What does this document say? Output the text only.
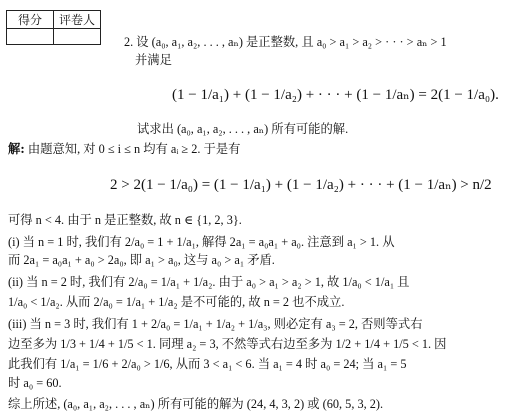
得分	评卷人

2. 设 (a₀, a₁, a₂, . . . , aₙ) 是正整数, 且 a₀ > a₁ > a₂ > · · · > aₙ > 1
并满足
(1 − 1/a₁) + (1 − 1/a₂) + · · · + (1 − 1/aₙ) = 2(1 − 1/a₀).
试求出 (a₀, a₁, a₂, . . . , aₙ) 所有可能的解.
解: 由题意知, 对 0 ≤ i ≤ n 均有 aᵢ ≥ 2. 于是有
2 > 2(1 − 1/a₀) = (1 − 1/a₁) + (1 − 1/a₂) + · · · + (1 − 1/aₙ) > n/2
可得 n < 4. 由于 n 是正整数, 故 n ∈ {1, 2, 3}.
(i) 当 n = 1 时, 我们有 2/a₀ = 1 + 1/a₁, 解得 2a₁ = a₀a₁ + a₀. 注意到 a₁ > 1. 从
而 2a₁ = a₀a₁ + a₀ > 2a₀, 即 a₁ > a₀, 这与 a₀ > a₁ 矛盾.
(ii) 当 n = 2 时, 我们有 2/a₀ = 1/a₁ + 1/a₂. 由于 a₀ > a₁ > a₂ > 1, 故 1/a₀ < 1/a₁ 且
1/a₀ < 1/a₂. 从而 2/a₀ = 1/a₁ + 1/a₂ 是不可能的, 故 n = 2 也不成立.
(iii) 当 n = 3 时, 我们有 1 + 2/a₀ = 1/a₁ + 1/a₂ + 1/a₃, 则必定有 a₃ = 2, 否则等式右
边至多为 1/3 + 1/4 + 1/5 < 1. 同理 a₂ = 3, 不然等式右边至多为 1/2 + 1/4 + 1/5 < 1. 因
此我们有 1/a₁ = 1/6 + 2/a₀ > 1/6, 从而 3 < a₁ < 6. 当 a₁ = 4 时 a₀ = 24; 当 a₁ = 5
时 a₀ = 60.
综上所述, (a₀, a₁, a₂, . . . , aₙ) 所有可能的解为 (24, 4, 3, 2) 或 (60, 5, 3, 2).
